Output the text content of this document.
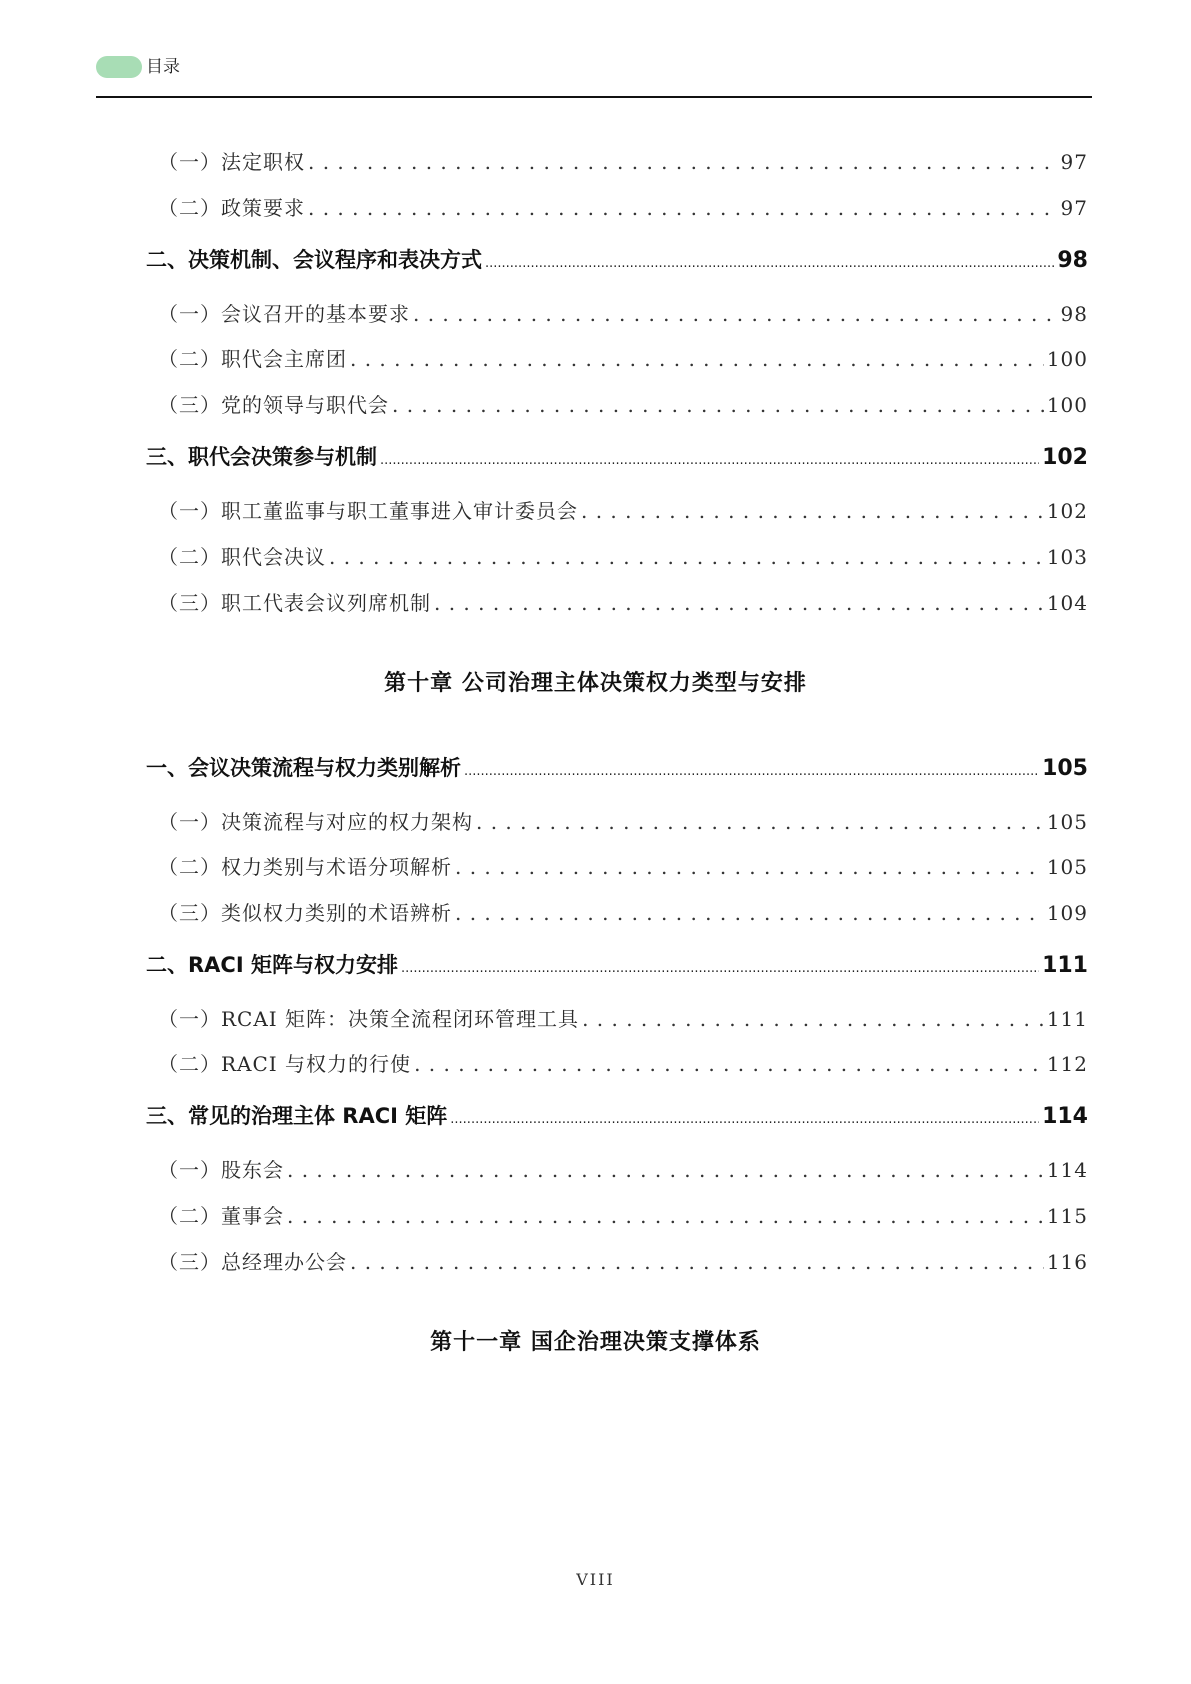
目录
（一）法定职权 . . .	97
（二）政策要求 . . .	97
二、决策机制、会议程序和表决方式 .....	98
（一）会议召开的基本要求 . . .	98
（二）职代会主席团 . . .	100
（三）党的领导与职代会 . . .	100
三、职代会决策参与机制 .....	102
（一）职工董监事与职工董事进入审计委员会 . . .	102
（二）职代会决议 . . .	103
（三）职工代表会议列席机制 . . .	104
第十章 公司治理主体决策权力类型与安排
一、会议决策流程与权力类别解析 .....	105
（一）决策流程与对应的权力架构 . . .	105
（二）权力类别与术语分项解析 . . .	105
（三）类似权力类别的术语辨析 . . .	109
二、RACI 矩阵与权力安排 .....	111
（一）RCAI 矩阵：决策全流程闭环管理工具 . . .	111
（二）RACI 与权力的行使 . . .	112
三、常见的治理主体 RACI 矩阵 .....	114
（一）股东会 . . .	114
（二）董事会 . . .	115
（三）总经理办公会 . . .	116
第十一章 国企治理决策支撑体系
VIII
